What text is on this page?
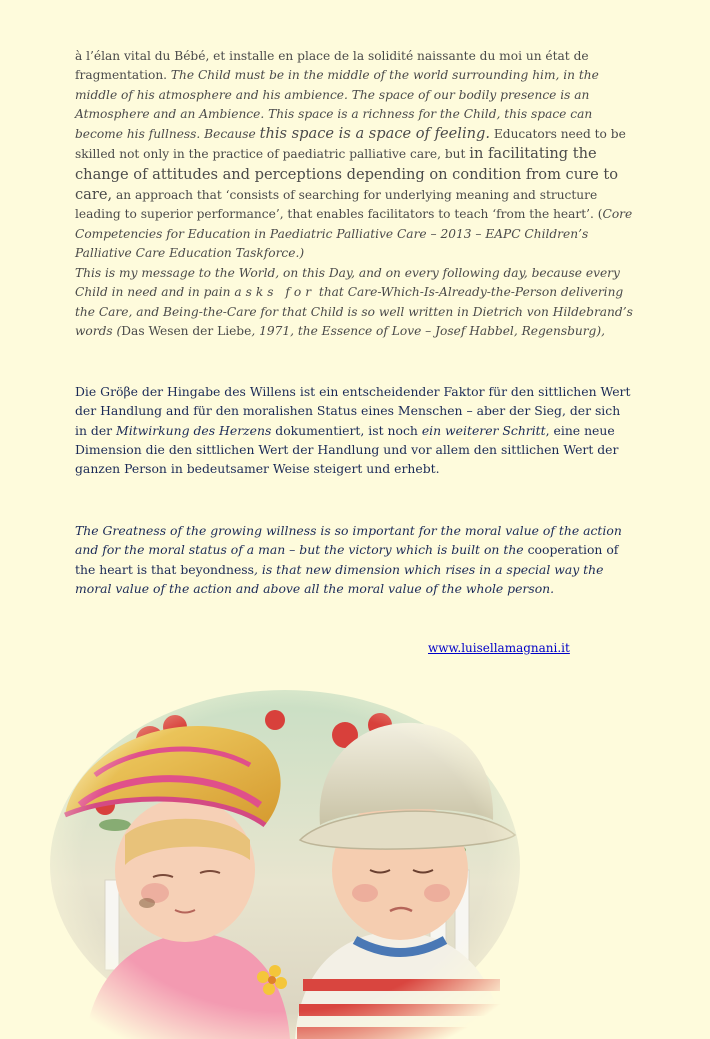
à l’élan vital du Bébé, et installe en place de la solidité naissante du moi un état de fragmentation. The Child must be in the middle of the world surrounding him, in the middle of his atmosphere and his ambience. The space of our bodily presence is an Atmosphere and an Ambience. This space is a richness for the Child, this space can become his fullness. Because this space is a space of feeling. Educators need to be skilled not only in the practice of paediatric palliative care, but in facilitating the change of attitudes and perceptions depending on condition from cure to care, an approach that ‘consists of searching for underlying meaning and structure leading to superior performance’, that enables facilitators to teach ‘from the heart’. (Core Competencies for Education in Paediatric Palliative Care – 2013 – EAPC Children’s Palliative Care Education Taskforce.)

This is my message to the World, on this Day, and on every following day, because every Child in need and in pain asks for that Care-Which-Is-Already-the-Person delivering the Care, and Being-the-Care for that Child is so well written in Dietrich von Hildebrand’s words (Das Wesen der Liebe, 1971, the Essence of Love – Josef Habbel, Regensburg),

Die Gröβe der Hingabe des Willens ist ein entscheidender Faktor für den sittlichen Wert der Handlung and für den moralishen Status eines Menschen – aber der Sieg, der sich in der Mitwirkung des Herzens dokumentiert, ist noch ein weiterer Schritt, eine neue Dimension die den sittlichen Wert der Handlung und vor allem den sittlichen Wert der ganzen Person in bedeutsamer Weise steigert und erhebt.

The Greatness of the growing willness is so important for the moral value of the action and for the moral status of a man – but the victory which is built on the cooperation of the heart is that beyondness, is that new dimension which rises in a special way the moral value of the action and above all the moral value of the whole person.

www.luisellamagnani.it
